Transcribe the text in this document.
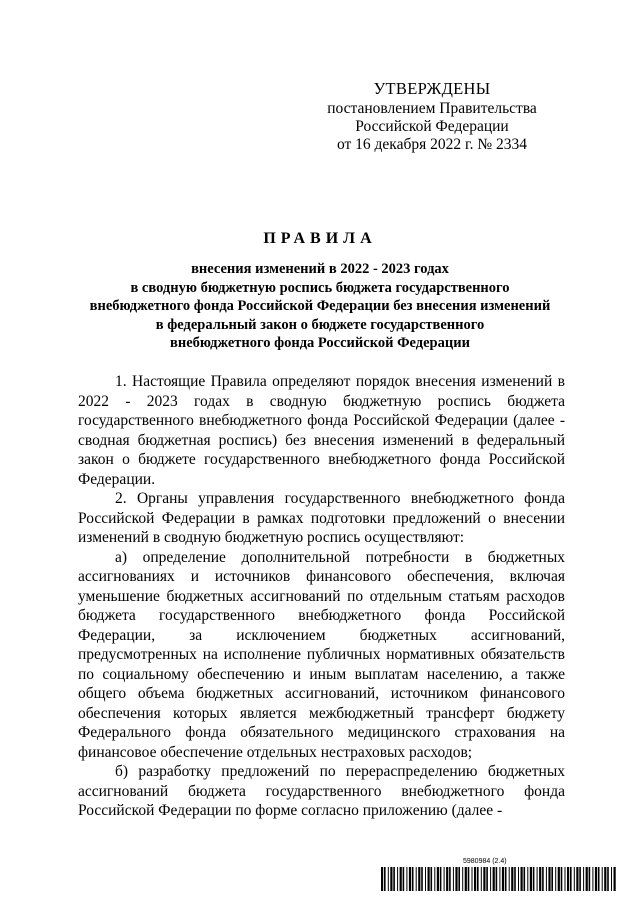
УТВЕРЖДЕНЫ
постановлением Правительства
Российской Федерации
от 16 декабря 2022 г. № 2334
ПРАВИЛА
внесения изменений в 2022 - 2023 годах
в сводную бюджетную роспись бюджета государственного
внебюджетного фонда Российской Федерации без внесения изменений
в федеральный закон о бюджете государственного
внебюджетного фонда Российской Федерации

1. Настоящие Правила определяют порядок внесения изменений в 2022 - 2023 годах в сводную бюджетную роспись бюджета государственного внебюджетного фонда Российской Федерации (далее - сводная бюджетная роспись) без внесения изменений в федеральный закон о бюджете государственного внебюджетного фонда Российской Федерации.

2. Органы управления государственного внебюджетного фонда Российской Федерации в рамках подготовки предложений о внесении изменений в сводную бюджетную роспись осуществляют:

а) определение дополнительной потребности в бюджетных ассигнованиях и источников финансового обеспечения, включая уменьшение бюджетных ассигнований по отдельным статьям расходов бюджета государственного внебюджетного фонда Российской Федерации, за исключением бюджетных ассигнований, предусмотренных на исполнение публичных нормативных обязательств по социальному обеспечению и иным выплатам населению, а также общего объема бюджетных ассигнований, источником финансового обеспечения которых является межбюджетный трансферт бюджету Федерального фонда обязательного медицинского страхования на финансовое обеспечение отдельных нестраховых расходов;

б) разработку предложений по перераспределению бюджетных ассигнований бюджета государственного внебюджетного фонда Российской Федерации по форме согласно приложению (далее -

5980984 (2.4)
